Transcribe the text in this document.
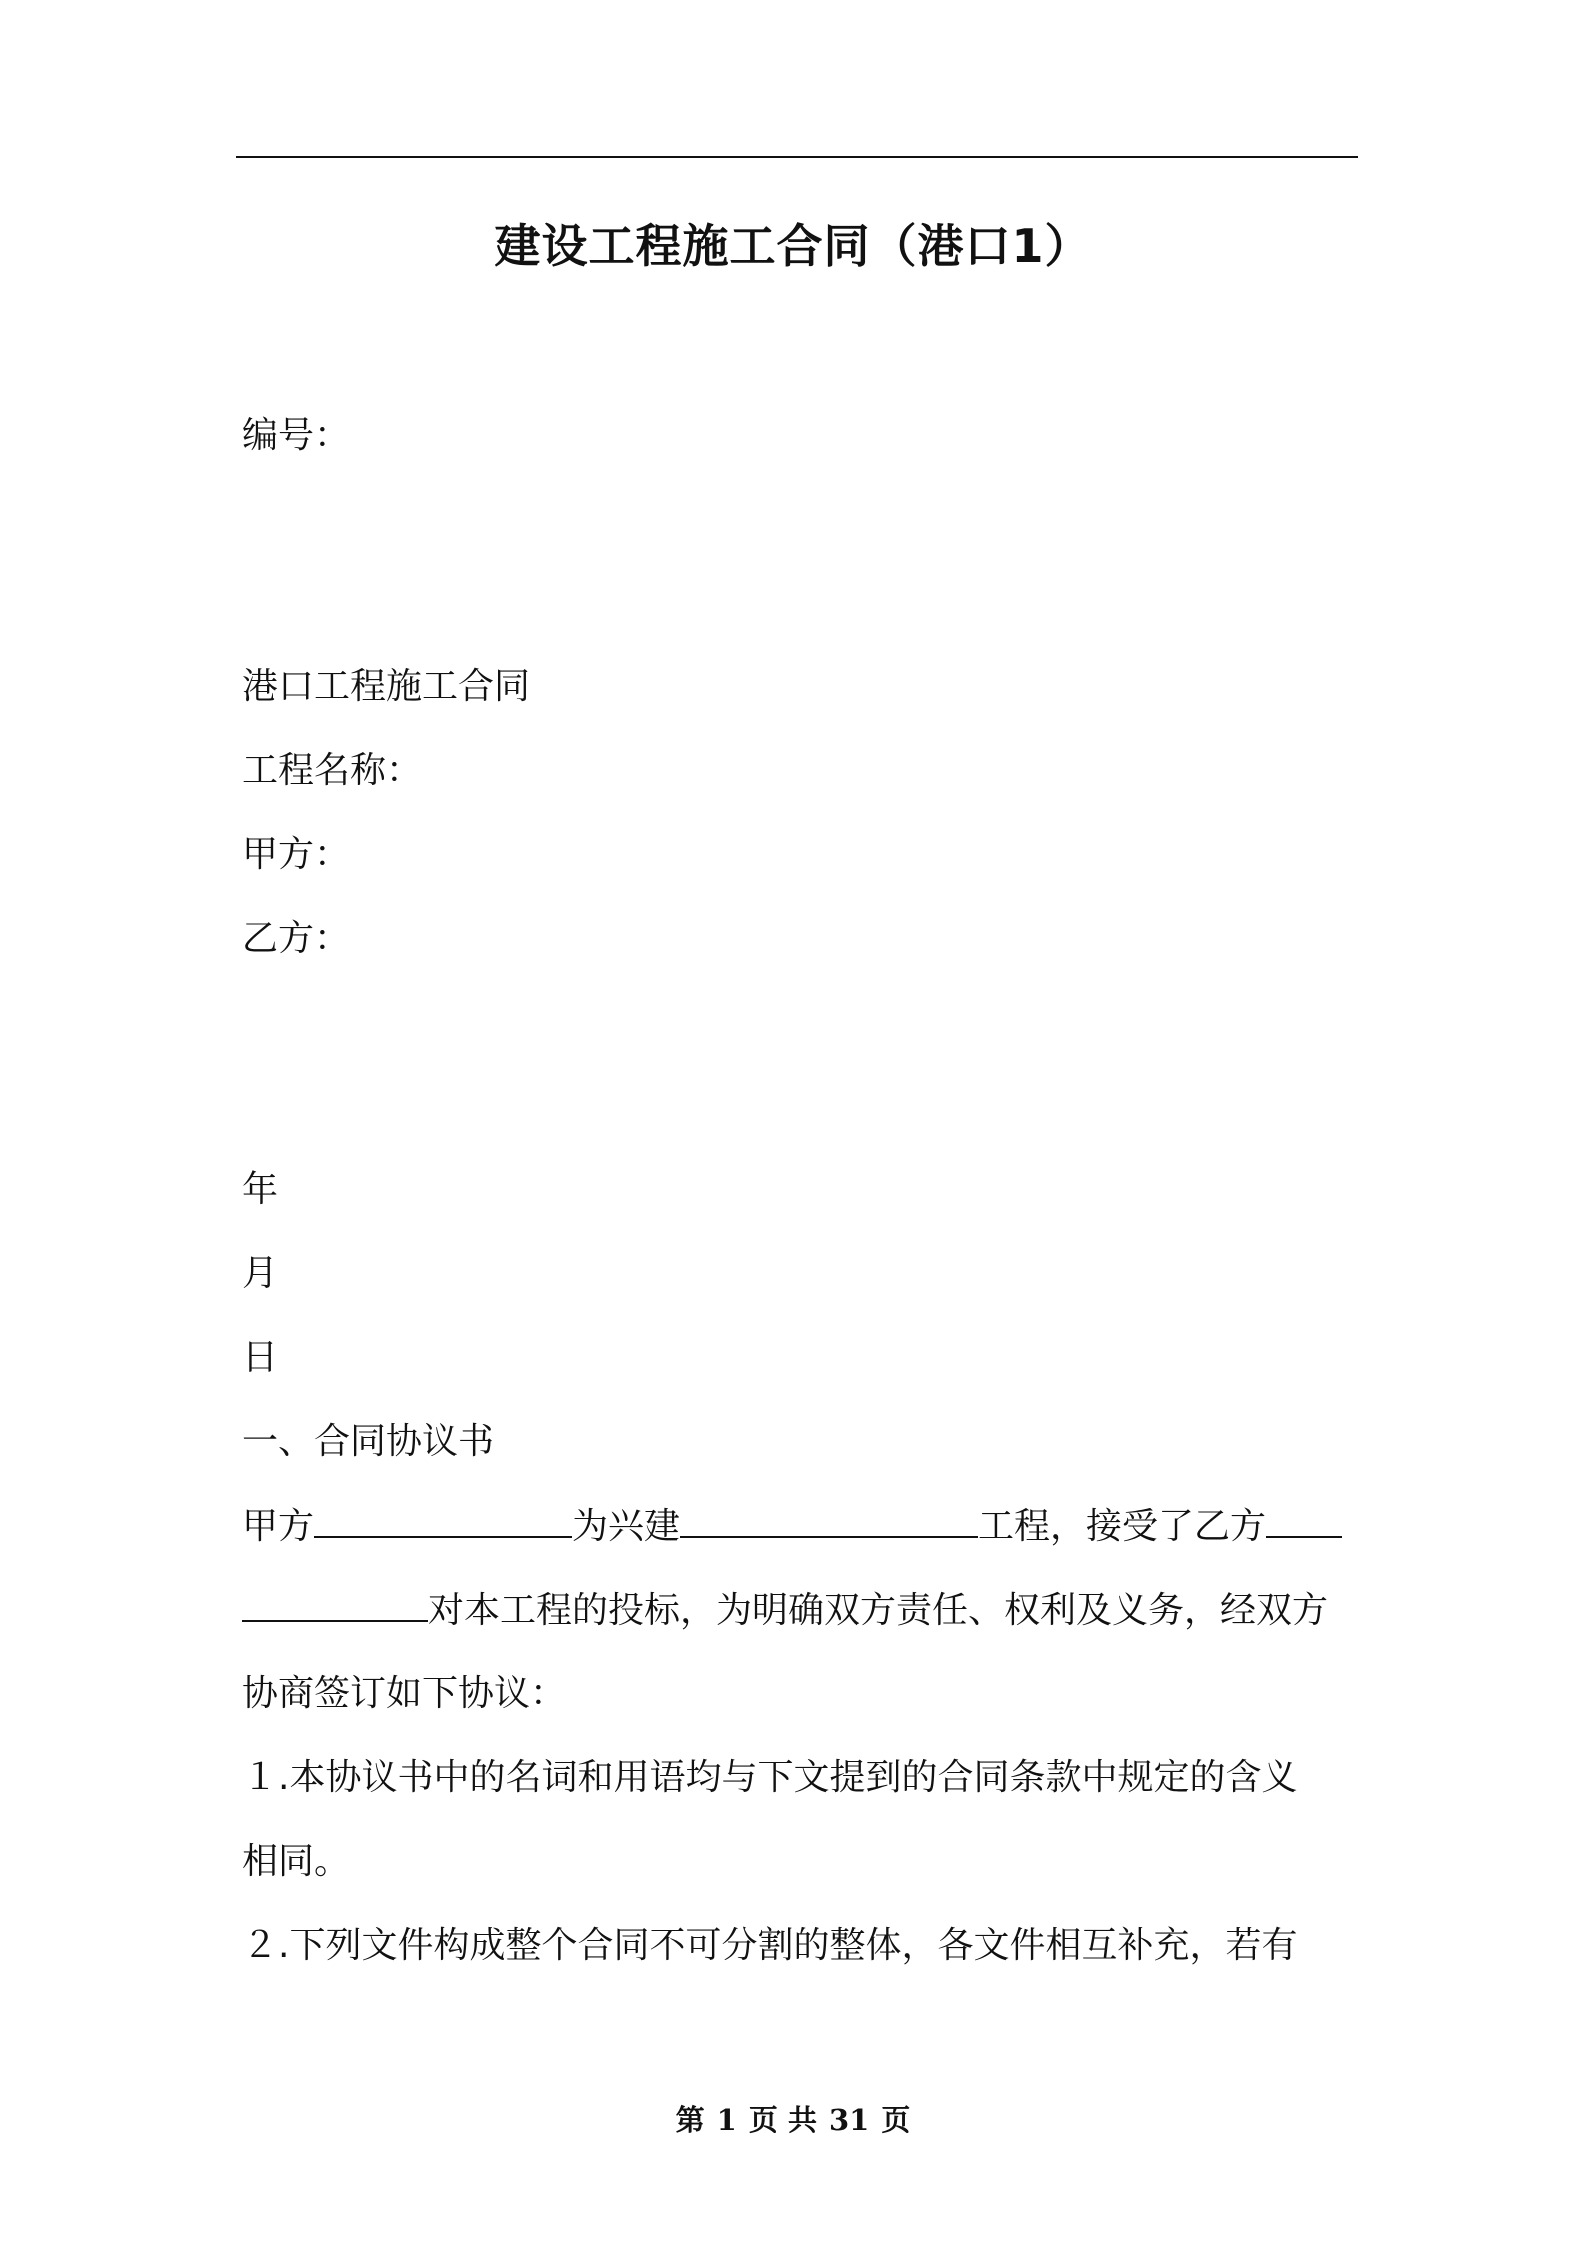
建设工程施工合同（港口1）
编号：
港口工程施工合同
工程名称：
甲方：
乙方：
年
月
日
一、合同协议书
甲方	为兴建	工程，接受了乙方
对本工程的投标，为明确双方责任、权利及义务，经双方
协商签订如下协议：
１.本协议书中的名词和用语均与下文提到的合同条款中规定的含义
相同。
２.下列文件构成整个合同不可分割的整体，各文件相互补充，若有
第 1 页 共 31 页
